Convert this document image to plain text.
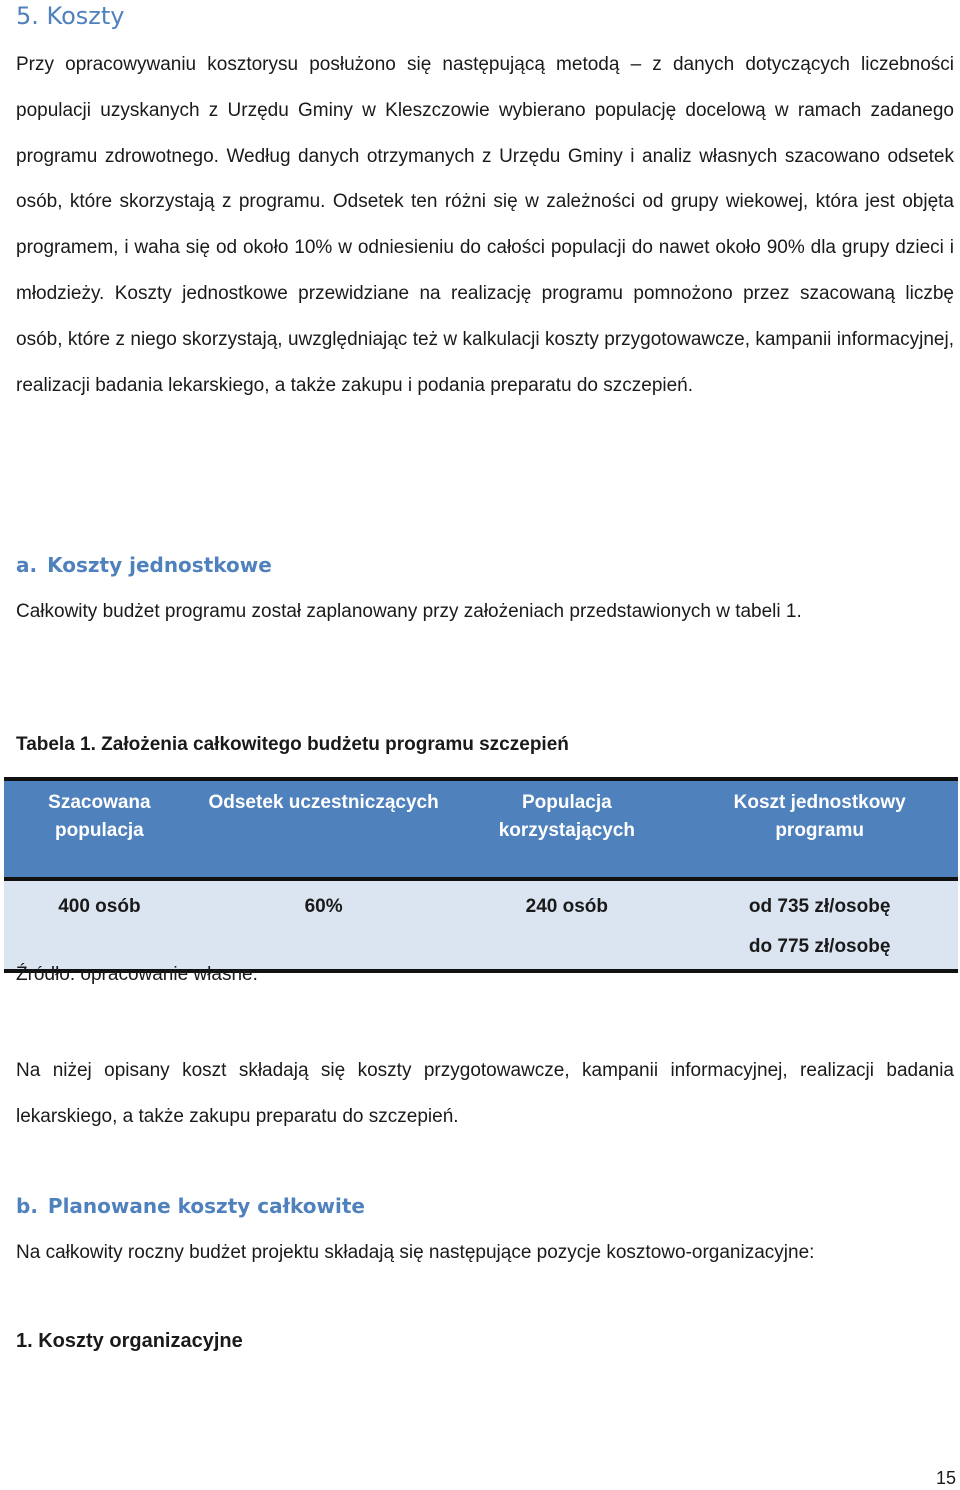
5. Koszty

Przy opracowywaniu kosztorysu posłużono się następującą metodą – z danych dotyczących liczebności populacji uzyskanych z Urzędu Gminy w Kleszczowie wybierano populację docelową w ramach zadanego programu zdrowotnego. Według danych otrzymanych z Urzędu Gminy i analiz własnych szacowano odsetek osób, które skorzystają z programu. Odsetek ten różni się w zależności od grupy wiekowej, która jest objęta programem, i waha się od około 10% w odniesieniu do całości populacji do nawet około 90% dla grupy dzieci i młodzieży. Koszty jednostkowe przewidziane na realizację programu pomnożono przez szacowaną liczbę osób, które z niego skorzystają, uwzględniając też w kalkulacji koszty przygotowawcze, kampanii informacyjnej, realizacji badania lekarskiego, a także zakupu i podania preparatu do szczepień.

a. Koszty jednostkowe

Całkowity budżet programu został zaplanowany przy założeniach przedstawionych w tabeli 1.

Tabela 1. Założenia całkowitego budżetu programu szczepień
Szacowana populacja	Odsetek uczestniczących	Populacja korzystających	Koszt jednostkowy programu
400 osób	60%	240 osób	od 735 zł/osobę
do 775 zł/osobę
Źródło: opracowanie własne.

Na niżej opisany koszt składają się koszty przygotowawcze, kampanii informacyjnej, realizacji badania lekarskiego, a także zakupu preparatu do szczepień.

b. Planowane koszty całkowite

Na całkowity roczny budżet projektu składają się następujące pozycje kosztowo-organizacyjne:

1. Koszty organizacyjne
15
